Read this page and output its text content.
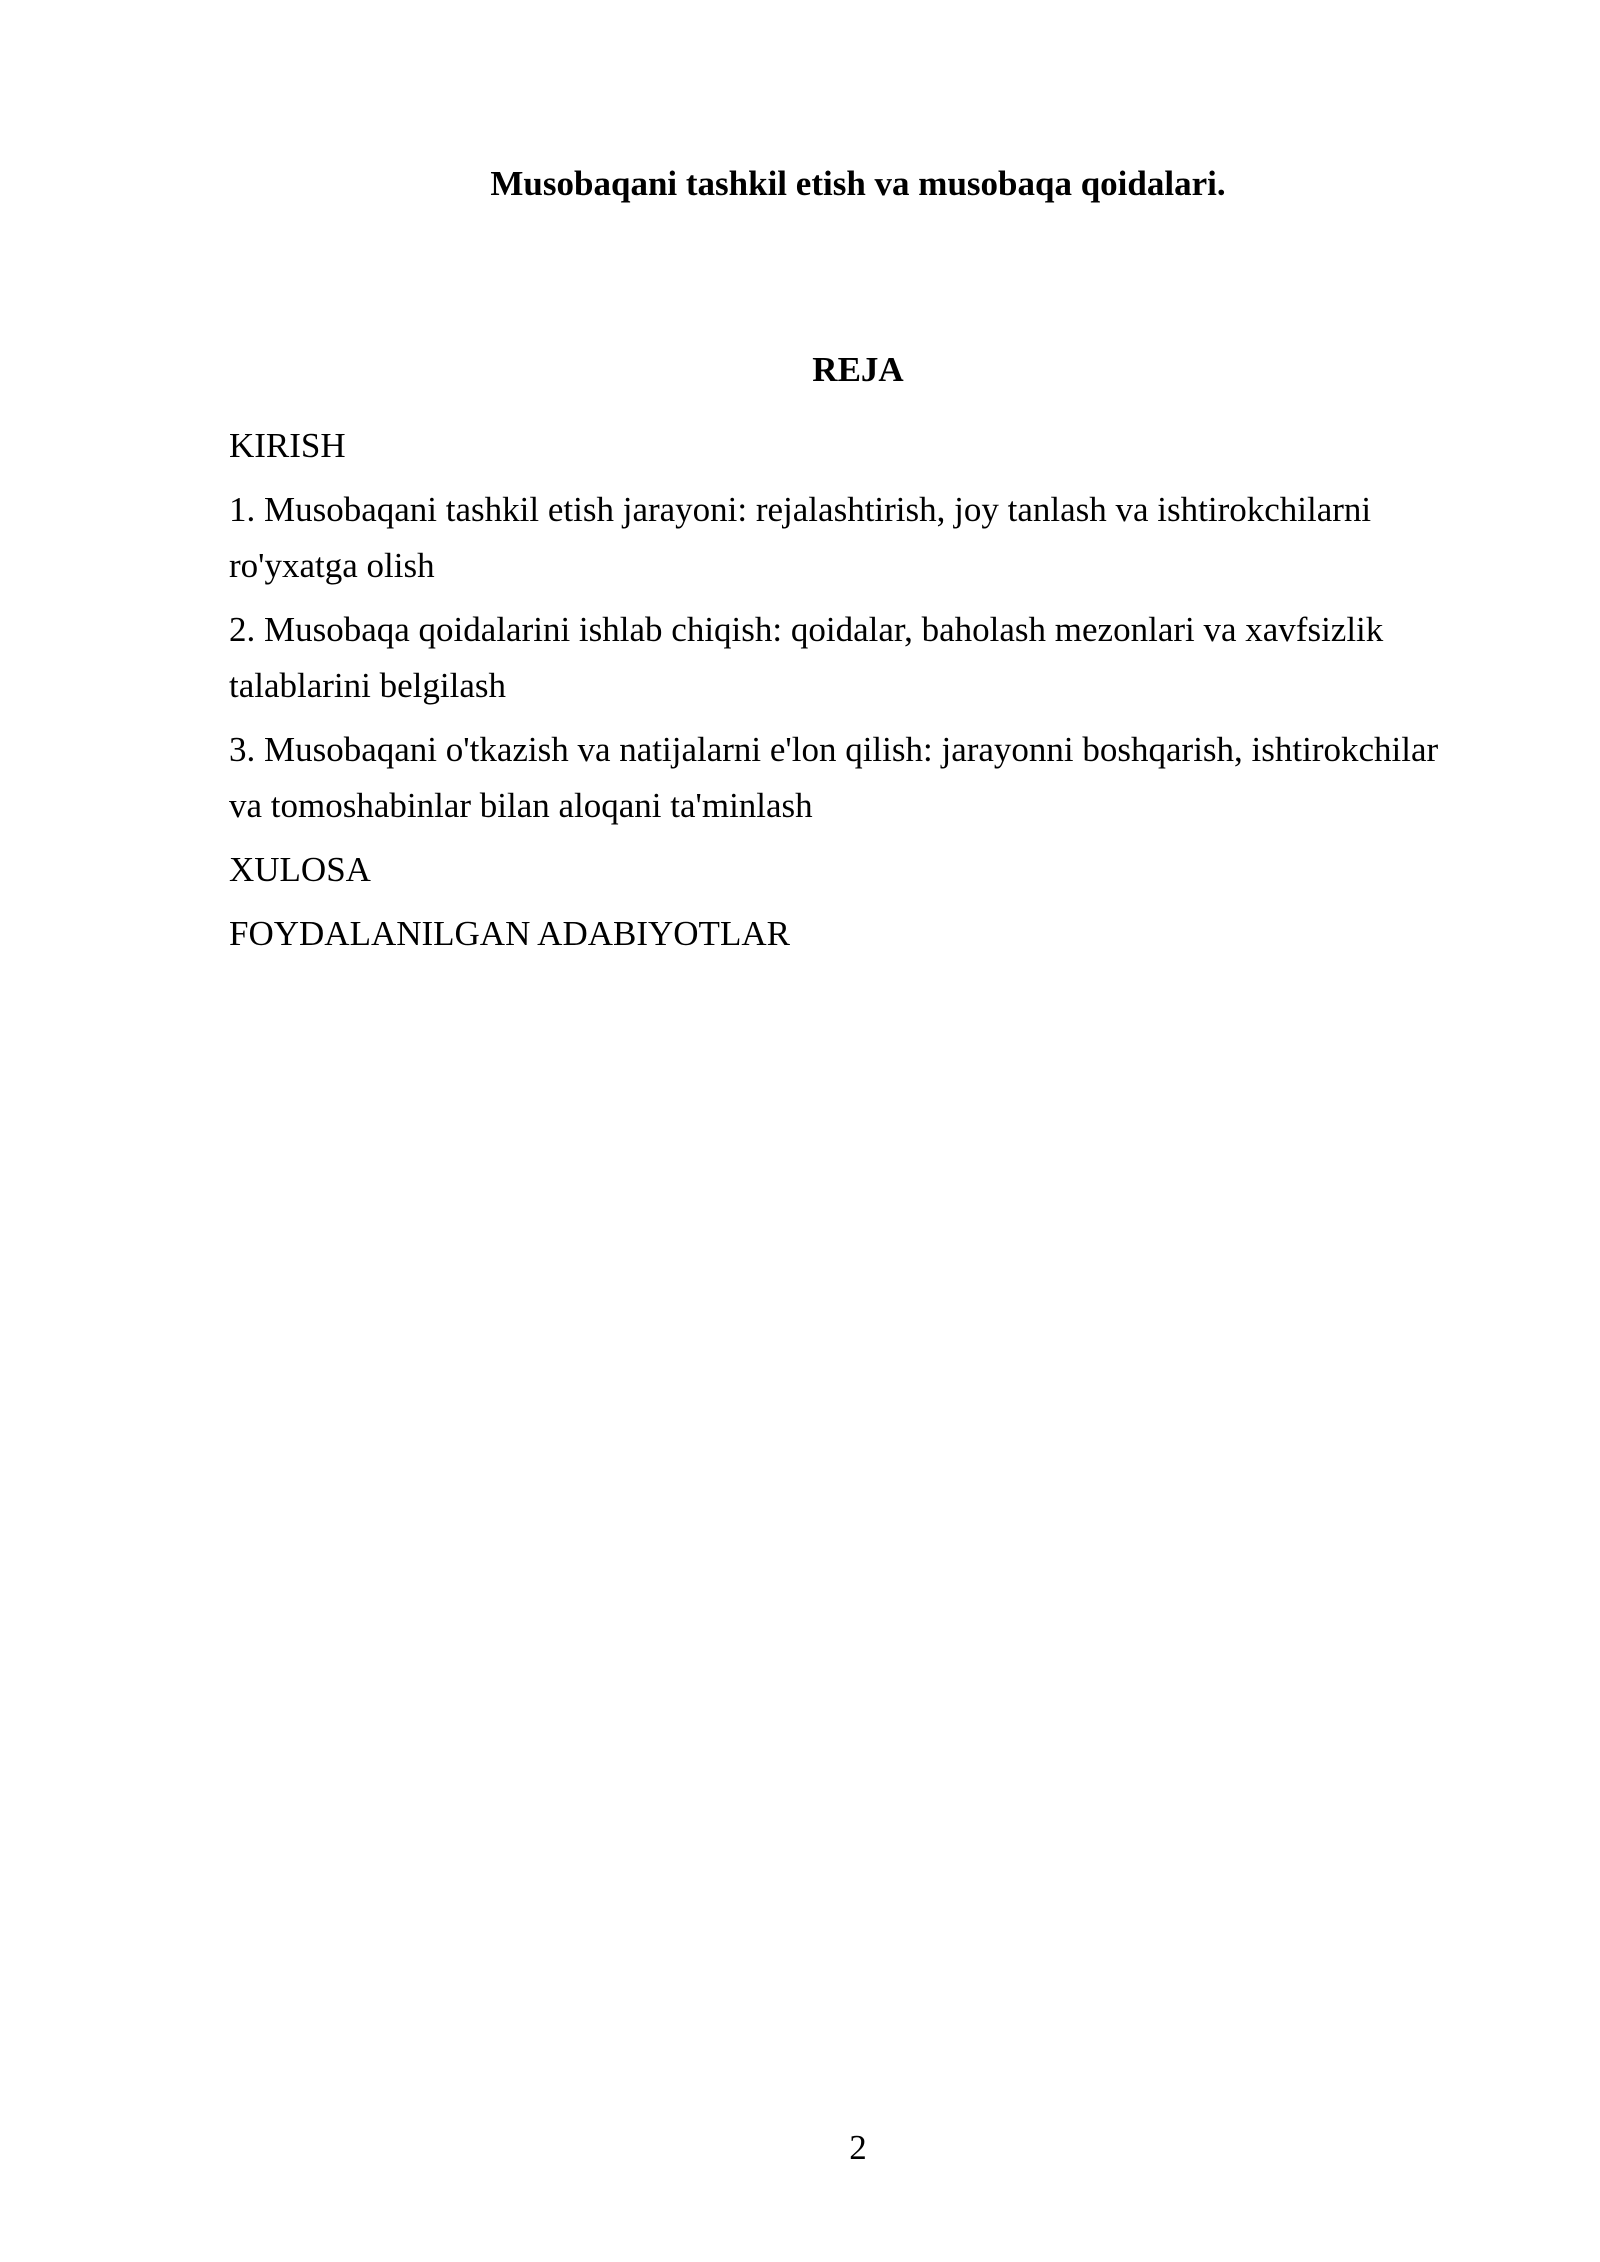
Musobaqani tashkil etish va musobaqa qoidalari.
REJA
KIRISH
1. Musobaqani tashkil etish jarayoni: rejalashtirish, joy tanlash va ishtirokchilarni ro'yxatga olish
2. Musobaqa qoidalarini ishlab chiqish: qoidalar, baholash mezonlari va xavfsizlik talablarini belgilash
3. Musobaqani o'tkazish va natijalarni e'lon qilish: jarayonni boshqarish, ishtirokchilar va tomoshabinlar bilan aloqani ta'minlash
XULOSA
FOYDALANILGAN ADABIYOTLAR
2
